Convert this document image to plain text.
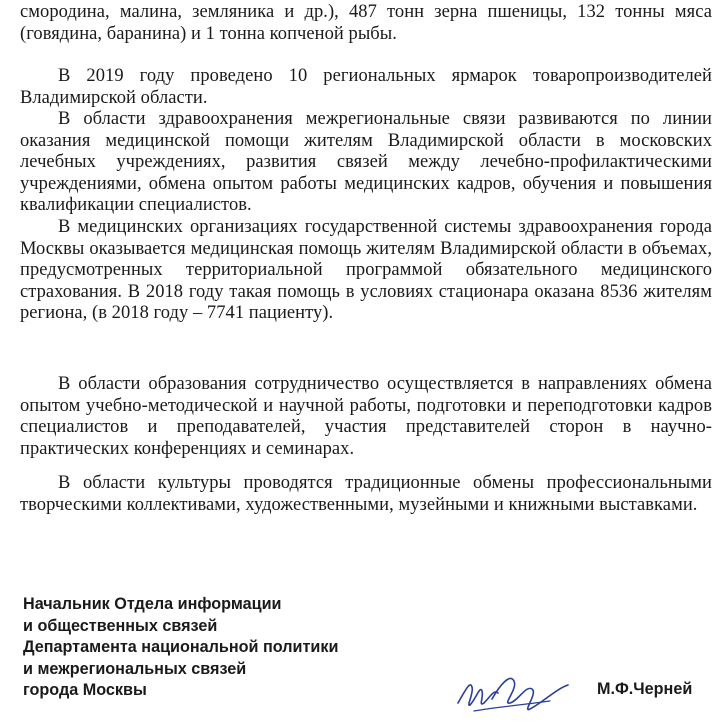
смородина, малина, земляника и др.), 487 тонн зерна пшеницы, 132 тонны мяса (говядина, баранина) и 1 тонна копченой рыбы.

В 2019 году проведено 10 региональных ярмарок товаропроизводителей Владимирской области.

В области здравоохранения межрегиональные связи развиваются по линии оказания медицинской помощи жителям Владимирской области в московских лечебных учреждениях, развития связей между лечебно-профилактическими учреждениями, обмена опытом работы медицинских кадров, обучения и повышения квалификации специалистов.

В медицинских организациях государственной системы здравоохранения города Москвы оказывается медицинская помощь жителям Владимирской области в объемах, предусмотренных территориальной программой обязательного медицинского страхования. В 2018 году такая помощь в условиях стационара оказана 8536 жителям региона, (в 2018 году – 7741 пациенту).

В области образования сотрудничество осуществляется в направлениях обмена опытом учебно-методической и научной работы, подготовки и переподготовки кадров специалистов и преподавателей, участия представителей сторон в научно-практических конференциях и семинарах.

В области культуры проводятся традиционные обмены профессиональными творческими коллективами, художественными, музейными и книжными выставками.

Начальник Отдела информации
и общественных связей
Департамента национальной политики
и межрегиональных связей
города Москвы	М.Ф.Черней
